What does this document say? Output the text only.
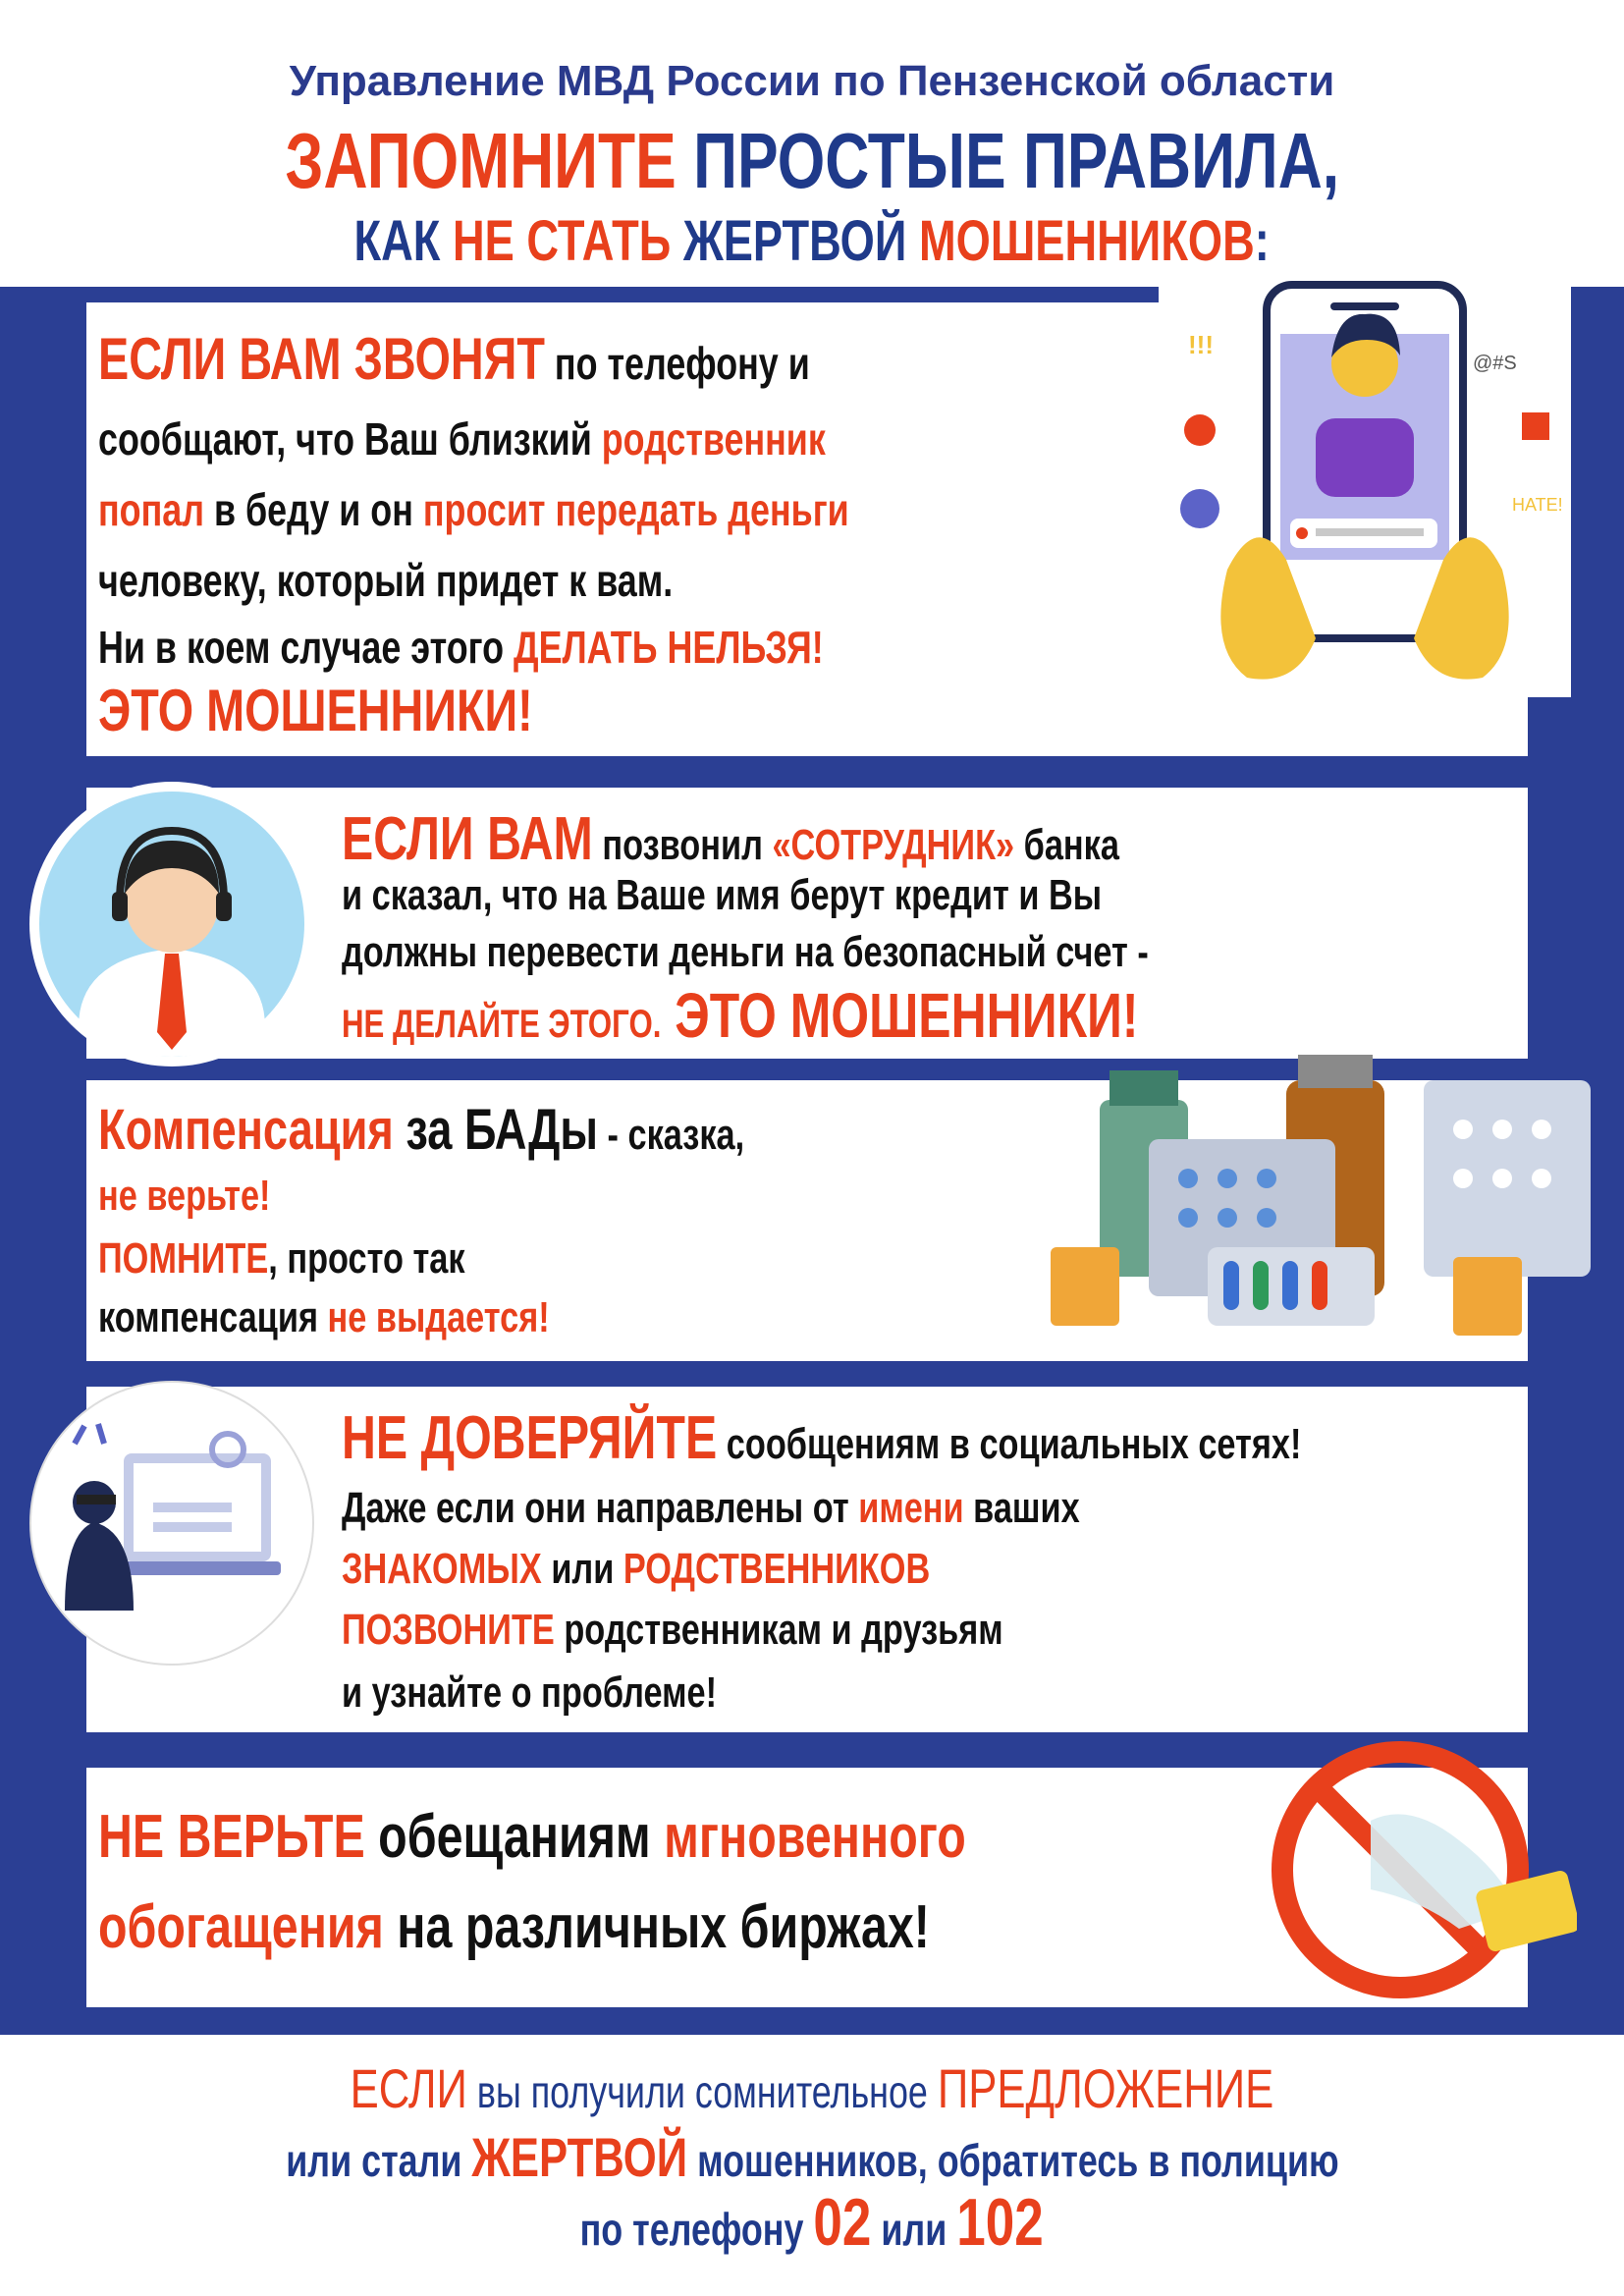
Управление МВД России по Пензенской области
ЗАПОМНИТЕ ПРОСТЫЕ ПРАВИЛА,
КАК НЕ СТАТЬ ЖЕРТВОЙ МОШЕННИКОВ:
ЕСЛИ ВАМ ЗВОНЯТ по телефону и
сообщают, что Ваш близкий родственник
попал в беду и он просит передать деньги
человеку, который придет к вам.
Ни в коем случае этого ДЕЛАТЬ НЕЛЬЗЯ!
ЭТО МОШЕННИКИ!
!!!
@#S
HATE!
ЕСЛИ ВАМ позвонил «СОТРУДНИК» банка
и сказал, что на Ваше имя берут кредит и Вы
должны перевести деньги на безопасный счет -
НЕ ДЕЛАЙТЕ ЭТОГО. ЭТО МОШЕННИКИ!
Компенсация за БАДы - сказка,
не верьте!
ПОМНИТЕ, просто так
компенсация не выдается!
НЕ ДОВЕРЯЙТЕ сообщениям в социальных сетях!
Даже если они направлены от имени ваших
ЗНАКОМЫХ или РОДСТВЕННИКОВ
ПОЗВОНИТЕ родственникам и друзьям
и узнайте о проблеме!
НЕ ВЕРЬТЕ обещаниям мгновенного
обогащения на различных биржах!
ЕСЛИ вы получили сомнительное ПРЕДЛОЖЕНИЕ
или стали ЖЕРТВОЙ мошенников, обратитесь в полицию
по телефону 02 или 102
